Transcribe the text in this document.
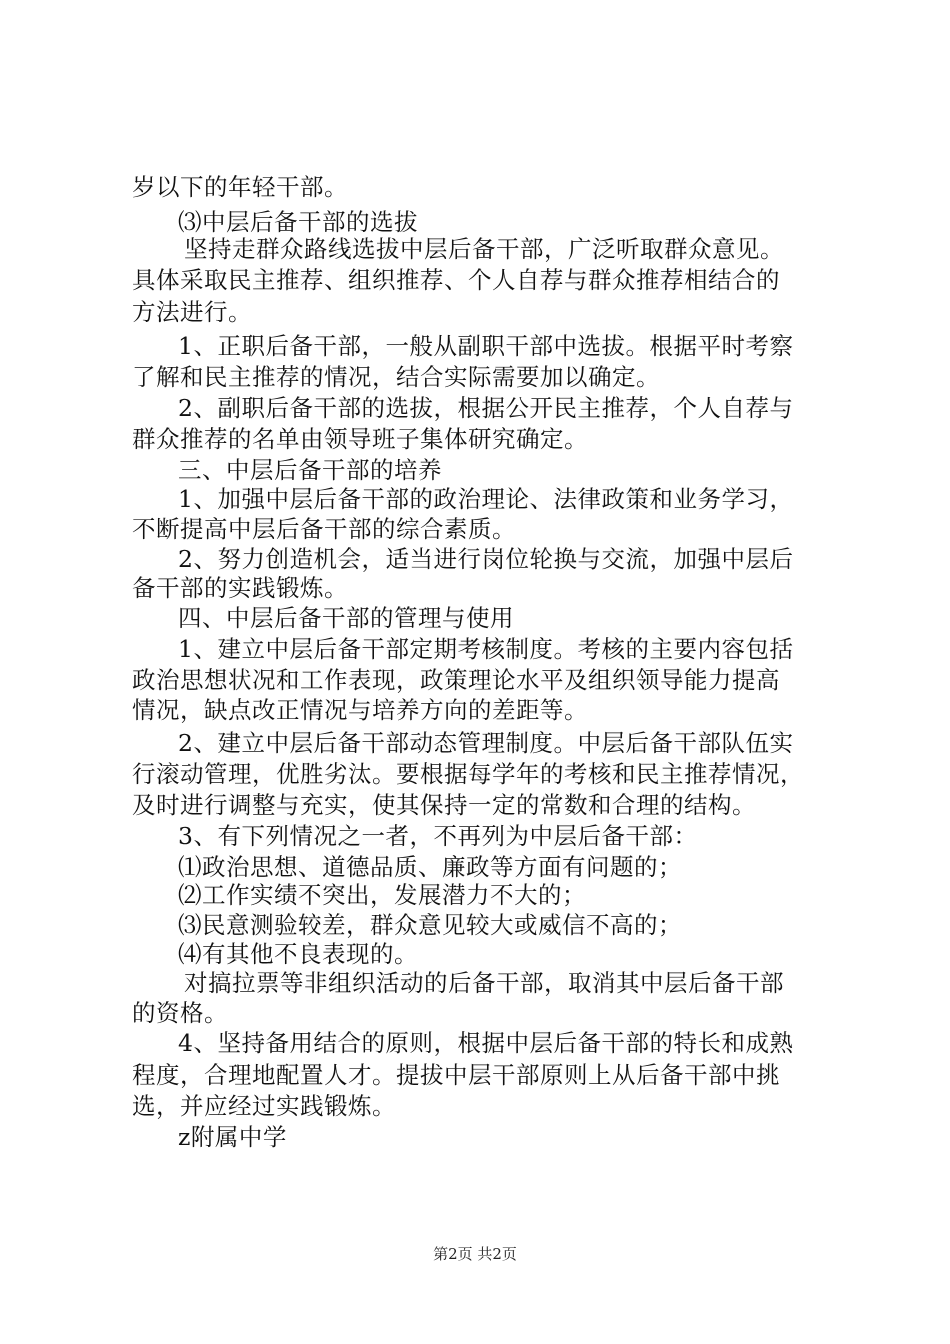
岁以下的年轻干部。
⑶中层后备干部的选拔
坚持走群众路线选拔中层后备干部，广泛听取群众意见。
具体采取民主推荐、组织推荐、个人自荐与群众推荐相结合的
方法进行。
1、正职后备干部，一般从副职干部中选拔。根据平时考察
了解和民主推荐的情况，结合实际需要加以确定。
2、副职后备干部的选拔，根据公开民主推荐，个人自荐与
群众推荐的名单由领导班子集体研究确定。
三、中层后备干部的培养
1、加强中层后备干部的政治理论、法律政策和业务学习，
不断提高中层后备干部的综合素质。
2、努力创造机会，适当进行岗位轮换与交流，加强中层后
备干部的实践锻炼。
四、中层后备干部的管理与使用
1、建立中层后备干部定期考核制度。考核的主要内容包括
政治思想状况和工作表现，政策理论水平及组织领导能力提高
情况，缺点改正情况与培养方向的差距等。
2、建立中层后备干部动态管理制度。中层后备干部队伍实
行滚动管理，优胜劣汰。要根据每学年的考核和民主推荐情况，
及时进行调整与充实，使其保持一定的常数和合理的结构。
3、有下列情况之一者，不再列为中层后备干部：
⑴政治思想、道德品质、廉政等方面有问题的；
⑵工作实绩不突出，发展潜力不大的；
⑶民意测验较差，群众意见较大或威信不高的；
⑷有其他不良表现的。
对搞拉票等非组织活动的后备干部，取消其中层后备干部
的资格。
4、坚持备用结合的原则，根据中层后备干部的特长和成熟
程度，合理地配置人才。提拔中层干部原则上从后备干部中挑
选，并应经过实践锻炼。
z附属中学
第2页 共2页
